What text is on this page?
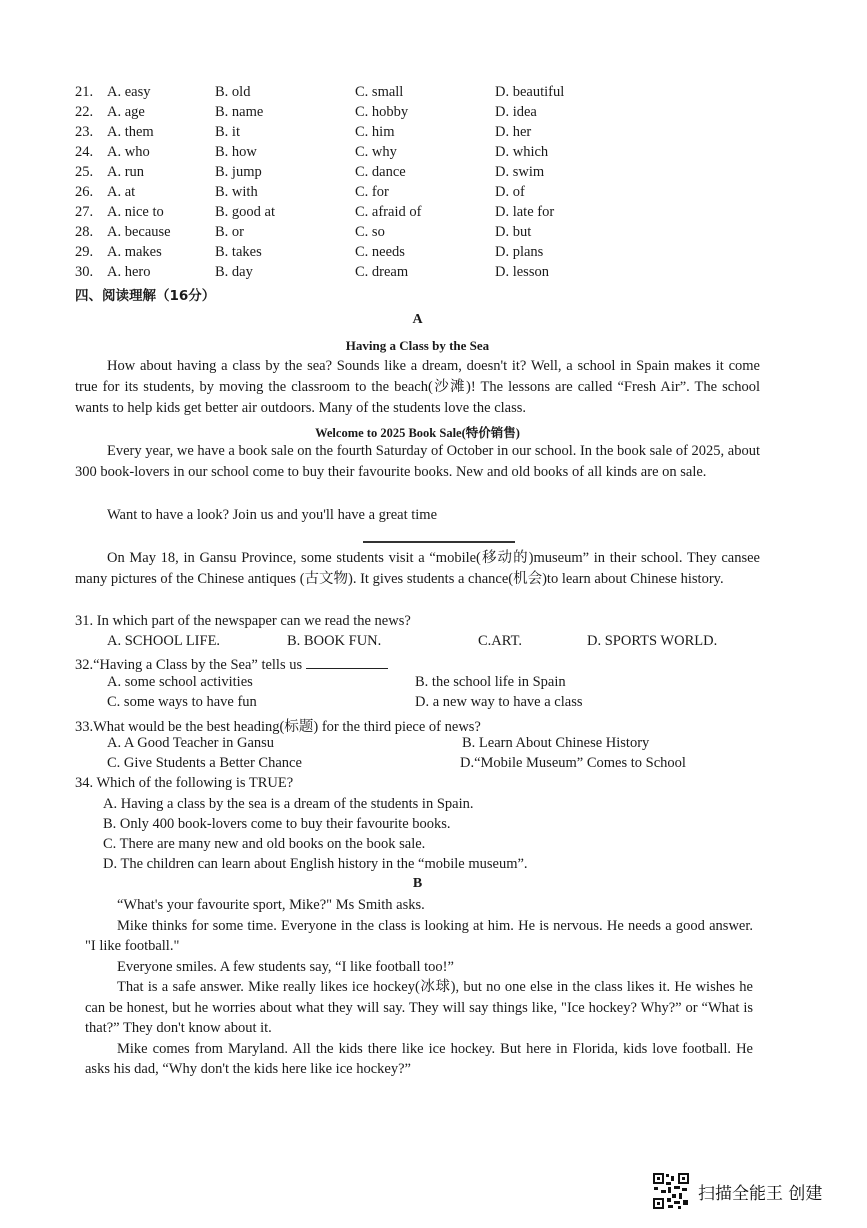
21. A. easy	B. old	C. small	D. beautiful
22. A. age	B. name	C. hobby	D. idea
23. A. them	B. it	C. him	D. her
24. A. who	B. how	C. why	D. which
25. A. run	B. jump	C. dance	D. swim
26. A. at	B. with	C. for	D. of
27. A. nice to	B. good at	C. afraid of	D. late for
28. A. because	B. or	C. so	D. but
29. A. makes	B. takes	C. needs	D. plans
30. A. hero	B. day	C. dream	D. lesson
四、阅读理解（16分）
A
Having a Class by the Sea

How about having a class by the sea? Sounds like a dream, doesn't it? Well, a school in Spain makes it come true for its students, by moving the classroom to the beach(沙滩)! The lessons are called “Fresh Air”. The school wants to help kids get better air outdoors. Many of the students love the class.

Welcome to 2025 Book Sale(特价销售)

Every year, we have a book sale on the fourth Saturday of October in our school. In the book sale of 2025, about 300 book-lovers in our school come to buy their favourite books. New and old books of all kinds are on sale.

Want to have a look? Join us and you'll have a great time

On May 18, in Gansu Province, some students visit a “mobile(移动的)museum” in their school. They cansee many pictures of the Chinese antiques (古文物). It gives students a chance(机会)to learn about Chinese history.

31. In which part of the newspaper can we read the news?
A. SCHOOL LIFE.	B. BOOK FUN.	C.ART.	D. SPORTS WORLD.
32.“Having a Class by the Sea” tells us
A. some school activities	B. the school life in Spain
C. some ways to have fun	D. a new way to have a class
33.What would be the best heading(标题) for the third piece of news?
A. A Good Teacher in Gansu	B. Learn About Chinese History
C. Give Students a Better Chance	D.“Mobile Museum” Comes to School
34. Which of the following is TRUE?
A. Having a class by the sea is a dream of the students in Spain.
B. Only 400 book-lovers come to buy their favourite books.
C. There are many new and old books on the book sale.
D. The children can learn about English history in the “mobile museum”.
B

“What's your favourite sport, Mike?" Ms Smith asks.

Mike thinks for some time. Everyone in the class is looking at him. He is nervous. He needs a good answer. "I like football."

Everyone smiles. A few students say, “I like football too!”

That is a safe answer. Mike really likes ice hockey(冰球), but no one else in the class likes it. He wishes he can be honest, but he worries about what they will say. They will say things like, "Ice hockey? Why?” or “What is that?” They don't know about it.

Mike comes from Maryland. All the kids there like ice hockey. But here in Florida, kids love football. He asks his dad, “Why don't the kids here like ice hockey?”

扫描全能王 创建
